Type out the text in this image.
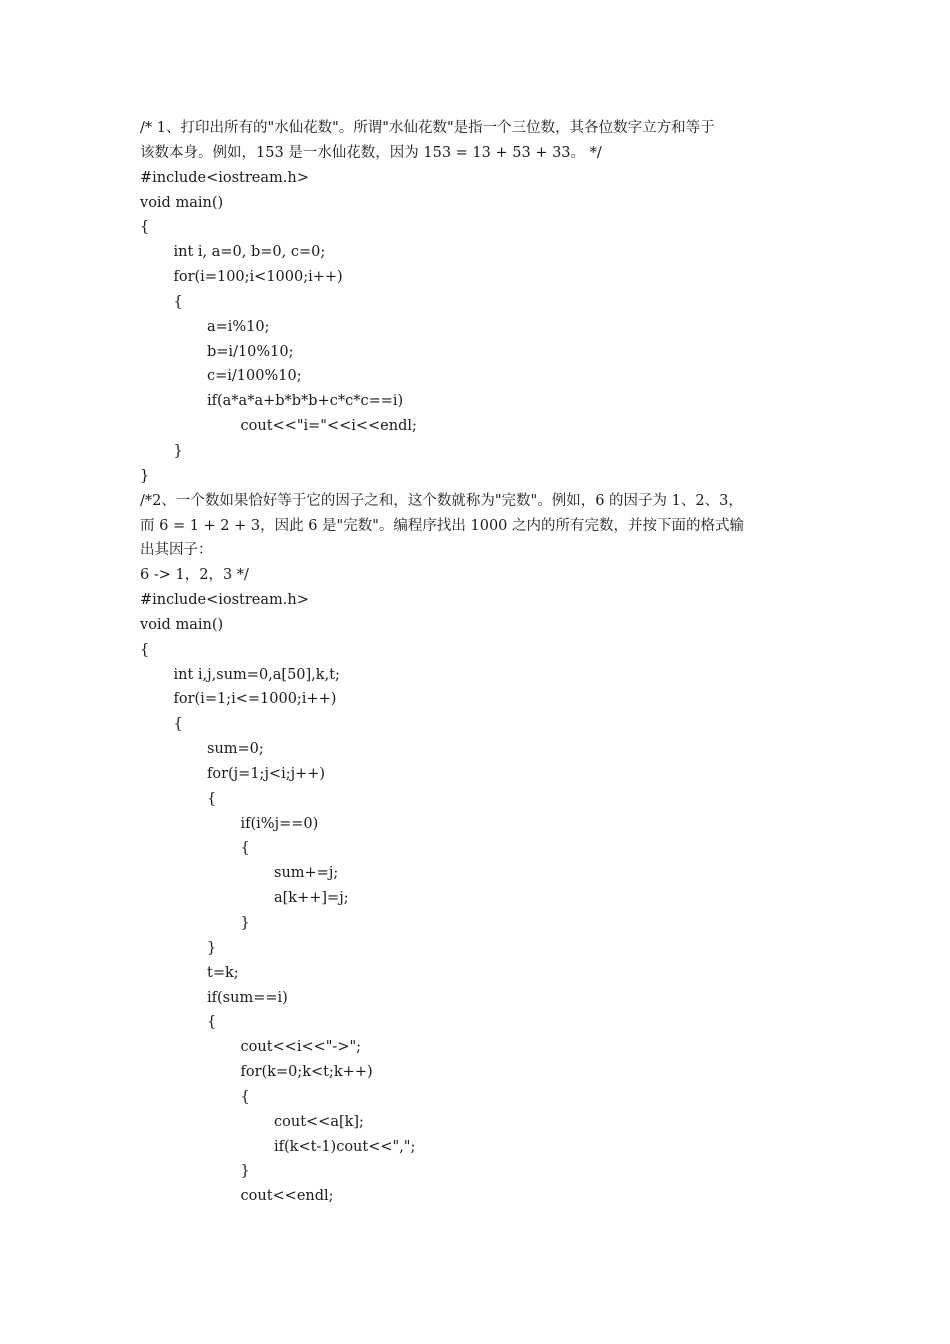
/* 1、打印出所有的"水仙花数"。所谓"水仙花数"是指一个三位数，其各位数字立方和等于
该数本身。例如，153 是一水仙花数，因为 153 = 13 + 53 + 33。 */
#include<iostream.h>
void main()
{
int i, a=0, b=0, c=0;
for(i=100;i<1000;i++)
{
a=i%10;
b=i/10%10;
c=i/100%10;
if(a*a*a+b*b*b+c*c*c==i)
cout<<"i="<<i<<endl;
}
}
/*2、一个数如果恰好等于它的因子之和，这个数就称为"完数"。例如，6 的因子为 1、2、3，
而 6 = 1 + 2 + 3，因此 6 是"完数"。编程序找出 1000 之内的所有完数，并按下面的格式输
出其因子：
6 -> 1，2，3 */
#include<iostream.h>
void main()
{
int i,j,sum=0,a[50],k,t;
for(i=1;i<=1000;i++)
{
sum=0;
for(j=1;j<i;j++)
{
if(i%j==0)
{
sum+=j;
a[k++]=j;
}
}
t=k;
if(sum==i)
{
cout<<i<<"->";
for(k=0;k<t;k++)
{
cout<<a[k];
if(k<t-1)cout<<",";
}
cout<<endl;
